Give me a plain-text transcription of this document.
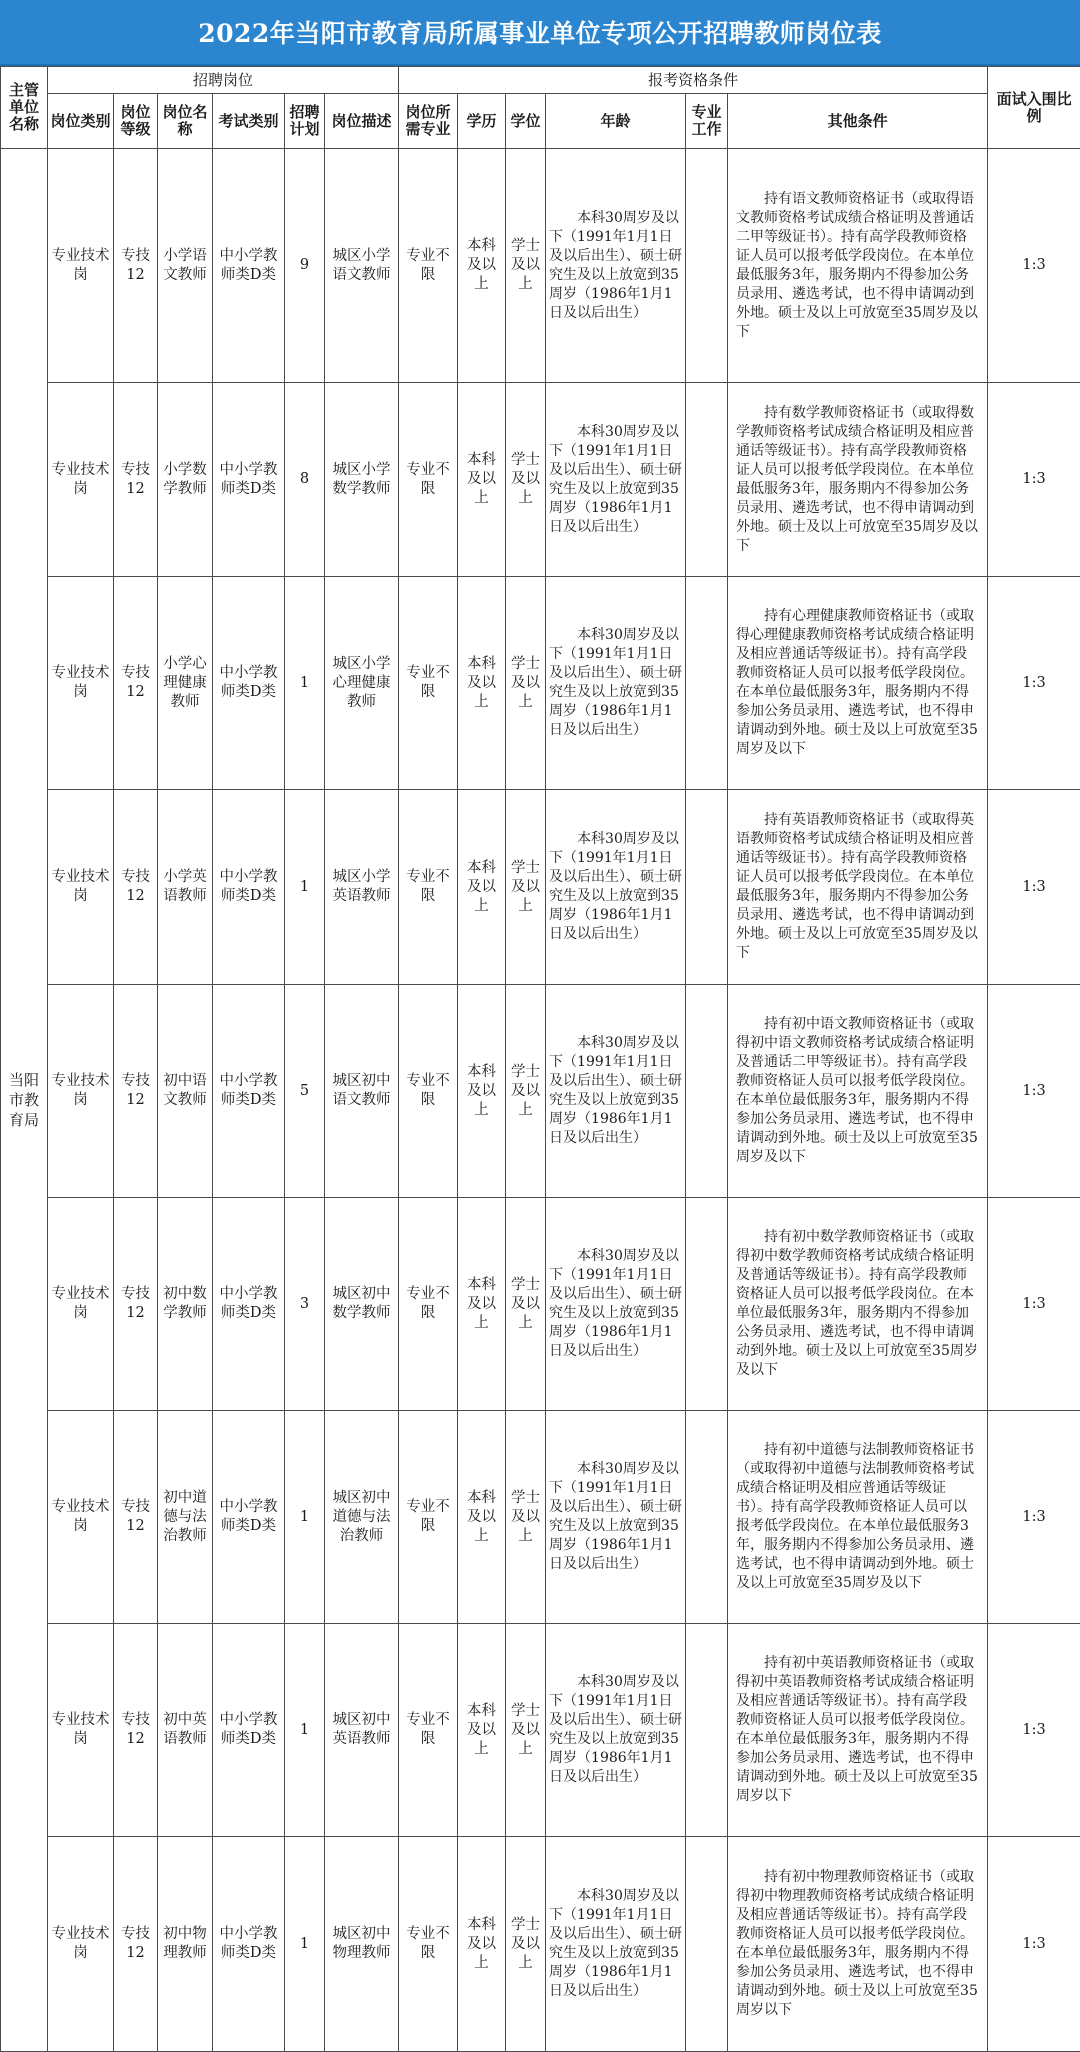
2022年当阳市教育局所属事业单位专项公开招聘教师岗位表
主管单位名称	招聘岗位						报考资格条件						面试入围比例
	岗位类别	岗位等级	岗位名称	考试类别	招聘计划	岗位描述	岗位所需专业	学历	学位	年龄	专业工作	其他条件	
当阳市教育局	专业技术岗	专技12	小学语文教师	中小学教师类D类	9	城区小学语文教师	专业不限	本科及以上	学士及以上	本科30周岁及以下（1991年1月1日及以后出生）、硕士研究生及以上放宽到35周岁（1986年1月1日及以后出生）		持有语文教师资格证书（或取得语文教师资格考试成绩合格证明及普通话二甲等级证书）。持有高学段教师资格证人员可以报考低学段岗位。在本单位最低服务3年，服务期内不得参加公务员录用、遴选考试，也不得申请调动到外地。硕士及以上可放宽至35周岁及以下	1:3
	专业技术岗	专技12	小学数学教师	中小学教师类D类	8	城区小学数学教师	专业不限	本科及以上	学士及以上	本科30周岁及以下（1991年1月1日及以后出生）、硕士研究生及以上放宽到35周岁（1986年1月1日及以后出生）		持有数学教师资格证书（或取得数学教师资格考试成绩合格证明及相应普通话等级证书）。持有高学段教师资格证人员可以报考低学段岗位。在本单位最低服务3年，服务期内不得参加公务员录用、遴选考试，也不得申请调动到外地。硕士及以上可放宽至35周岁及以下	1:3
	专业技术岗	专技12	小学心理健康教师	中小学教师类D类	1	城区小学心理健康教师	专业不限	本科及以上	学士及以上	本科30周岁及以下（1991年1月1日及以后出生）、硕士研究生及以上放宽到35周岁（1986年1月1日及以后出生）		持有心理健康教师资格证书（或取得心理健康教师资格考试成绩合格证明及相应普通话等级证书）。持有高学段教师资格证人员可以报考低学段岗位。在本单位最低服务3年，服务期内不得参加公务员录用、遴选考试，也不得申请调动到外地。硕士及以上可放宽至35周岁及以下	1:3
	专业技术岗	专技12	小学英语教师	中小学教师类D类	1	城区小学英语教师	专业不限	本科及以上	学士及以上	本科30周岁及以下（1991年1月1日及以后出生）、硕士研究生及以上放宽到35周岁（1986年1月1日及以后出生）		持有英语教师资格证书（或取得英语教师资格考试成绩合格证明及相应普通话等级证书）。持有高学段教师资格证人员可以报考低学段岗位。在本单位最低服务3年，服务期内不得参加公务员录用、遴选考试，也不得申请调动到外地。硕士及以上可放宽至35周岁及以下	1:3
	专业技术岗	专技12	初中语文教师	中小学教师类D类	5	城区初中语文教师	专业不限	本科及以上	学士及以上	本科30周岁及以下（1991年1月1日及以后出生）、硕士研究生及以上放宽到35周岁（1986年1月1日及以后出生）		持有初中语文教师资格证书（或取得初中语文教师资格考试成绩合格证明及普通话二甲等级证书）。持有高学段教师资格证人员可以报考低学段岗位。在本单位最低服务3年，服务期内不得参加公务员录用、遴选考试，也不得申请调动到外地。硕士及以上可放宽至35周岁及以下	1:3
	专业技术岗	专技12	初中数学教师	中小学教师类D类	3	城区初中数学教师	专业不限	本科及以上	学士及以上	本科30周岁及以下（1991年1月1日及以后出生）、硕士研究生及以上放宽到35周岁（1986年1月1日及以后出生）		持有初中数学教师资格证书（或取得初中数学教师资格考试成绩合格证明及普通话等级证书）。持有高学段教师资格证人员可以报考低学段岗位。在本单位最低服务3年，服务期内不得参加公务员录用、遴选考试，也不得申请调动到外地。硕士及以上可放宽至35周岁及以下	1:3
	专业技术岗	专技12	初中道德与法治教师	中小学教师类D类	1	城区初中道德与法治教师	专业不限	本科及以上	学士及以上	本科30周岁及以下（1991年1月1日及以后出生）、硕士研究生及以上放宽到35周岁（1986年1月1日及以后出生）		持有初中道德与法制教师资格证书（或取得初中道德与法制教师资格考试成绩合格证明及相应普通话等级证书）。持有高学段教师资格证人员可以报考低学段岗位。在本单位最低服务3年，服务期内不得参加公务员录用、遴选考试，也不得申请调动到外地。硕士及以上可放宽至35周岁及以下	1:3
	专业技术岗	专技12	初中英语教师	中小学教师类D类	1	城区初中英语教师	专业不限	本科及以上	学士及以上	本科30周岁及以下（1991年1月1日及以后出生）、硕士研究生及以上放宽到35周岁（1986年1月1日及以后出生）		持有初中英语教师资格证书（或取得初中英语教师资格考试成绩合格证明及相应普通话等级证书）。持有高学段教师资格证人员可以报考低学段岗位。在本单位最低服务3年，服务期内不得参加公务员录用、遴选考试，也不得申请调动到外地。硕士及以上可放宽至35周岁以下	1:3
	专业技术岗	专技12	初中物理教师	中小学教师类D类	1	城区初中物理教师	专业不限	本科及以上	学士及以上	本科30周岁及以下（1991年1月1日及以后出生）、硕士研究生及以上放宽到35周岁（1986年1月1日及以后出生）		持有初中物理教师资格证书（或取得初中物理教师资格考试成绩合格证明及相应普通话等级证书）。持有高学段教师资格证人员可以报考低学段岗位。在本单位最低服务3年，服务期内不得参加公务员录用、遴选考试，也不得申请调动到外地。硕士及以上可放宽至35周岁以下	1:3
